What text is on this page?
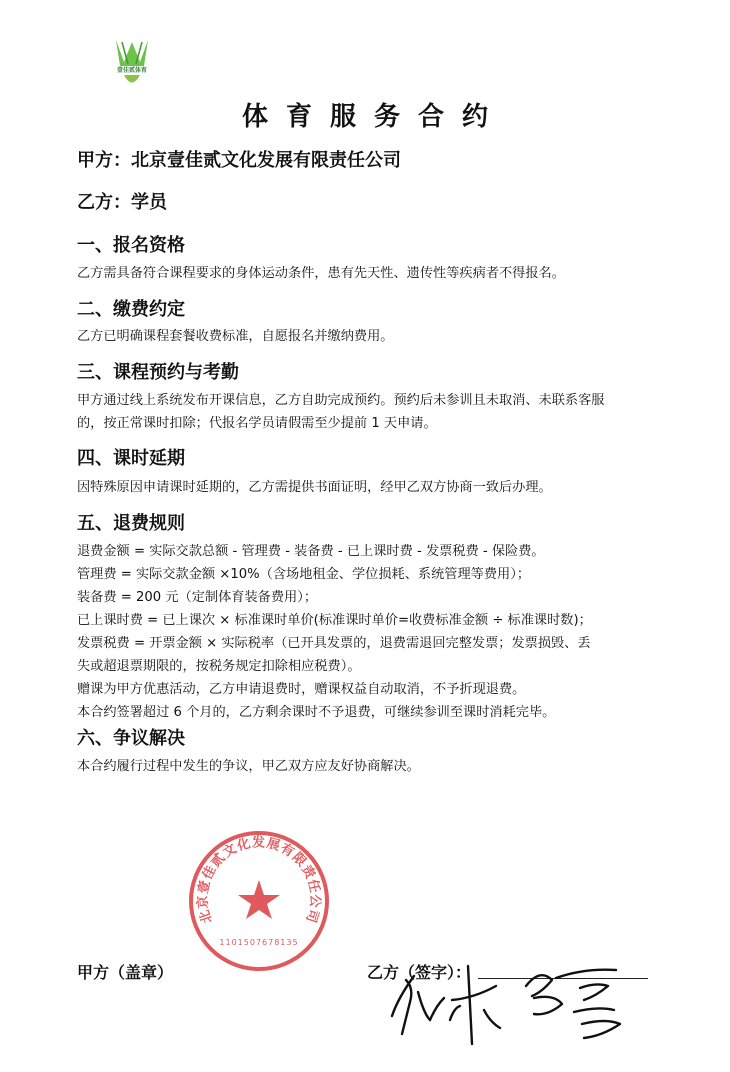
壹佳贰体育
体育服务合约
甲方：北京壹佳贰文化发展有限责任公司
乙方：学员
一、报名资格

乙方需具备符合课程要求的身体运动条件，患有先天性、遗传性等疾病者不得报名。

二、缴费约定

乙方已明确课程套餐收费标准，自愿报名并缴纳费用。

三、课程预约与考勤

甲方通过线上系统发布开课信息，乙方自助完成预约。预约后未参训且未取消、未联系客服

的，按正常课时扣除；代报名学员请假需至少提前 1 天申请。

四、课时延期

因特殊原因申请课时延期的，乙方需提供书面证明，经甲乙双方协商一致后办理。

五、退费规则

退费金额 = 实际交款总额 - 管理费 - 装备费 - 已上课时费 - 发票税费 - 保险费。

管理费 = 实际交款金额 ×10%（含场地租金、学位损耗、系统管理等费用）；

装备费 = 200 元（定制体育装备费用）；

已上课时费 = 已上课次 × 标准课时单价(标准课时单价=收费标准金额 ÷ 标准课时数)；

发票税费 = 开票金额 × 实际税率（已开具发票的，退费需退回完整发票；发票损毁、丢

失或超退票期限的，按税务规定扣除相应税费）。

赠课为甲方优惠活动，乙方申请退费时，赠课权益自动取消，不予折现退费。

本合约签署超过 6 个月的，乙方剩余课时不予退费，可继续参训至课时消耗完毕。

六、争议解决

本合约履行过程中发生的争议，甲乙双方应友好协商解决。

北京壹佳贰文化发展有限责任公司
1101507678135
甲方（盖章）	乙方（签字）：
